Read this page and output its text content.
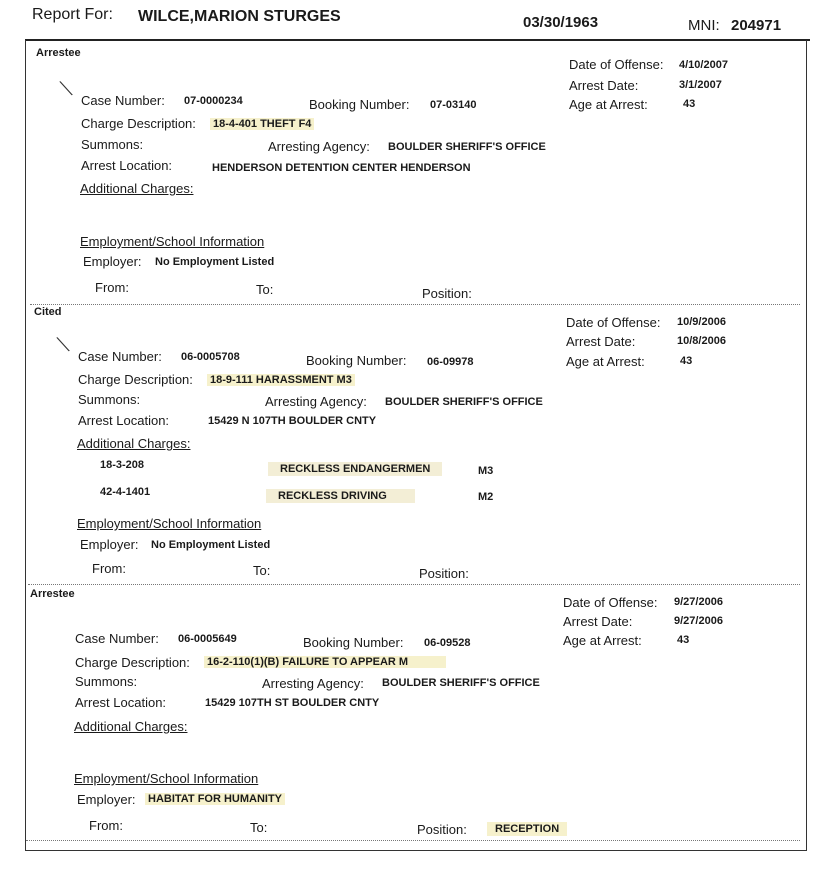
Report For: WILCE,MARION STURGES	03/30/1963	MNI: 204971
Arrestee
Date of Offense: 4/10/2007
Arrest Date:	3/1/2007
Age at Arrest:	43
╲
Case Number: 07-0000234	Booking Number: 07-03140
Charge Description: 18-4-401 THEFT F4
Summons:	Arresting Agency: BOULDER SHERIFF'S OFFICE
Arrest Location:	HENDERSON DETENTION CENTER HENDERSON
Additional Charges:
Employment/School Information
Employer: No Employment Listed
From:	To:	Position:
Cited
Date of Offense: 10/9/2006
Arrest Date:	10/8/2006
Age at Arrest:	43
╲
Case Number: 06-0005708	Booking Number: 06-09978
Charge Description: 18-9-111 HARASSMENT M3
Summons:	Arresting Agency: BOULDER SHERIFF'S OFFICE
Arrest Location:	15429 N 107TH BOULDER CNTY
Additional Charges:
18-3-208	RECKLESS ENDANGERMEN	M3
42-4-1401	RECKLESS DRIVING	M2
Employment/School Information
Employer: No Employment Listed
From:	To:	Position:
Arrestee
Date of Offense: 9/27/2006
Arrest Date:	9/27/2006
Age at Arrest:	43
Case Number: 06-0005649	Booking Number: 06-09528
Charge Description: 16-2-110(1)(B) FAILURE TO APPEAR M
Summons:	Arresting Agency: BOULDER SHERIFF'S OFFICE
Arrest Location:	15429 107TH ST BOULDER CNTY
Additional Charges:
Employment/School Information
Employer: HABITAT FOR HUMANITY
From:	To:	Position:	RECEPTION
